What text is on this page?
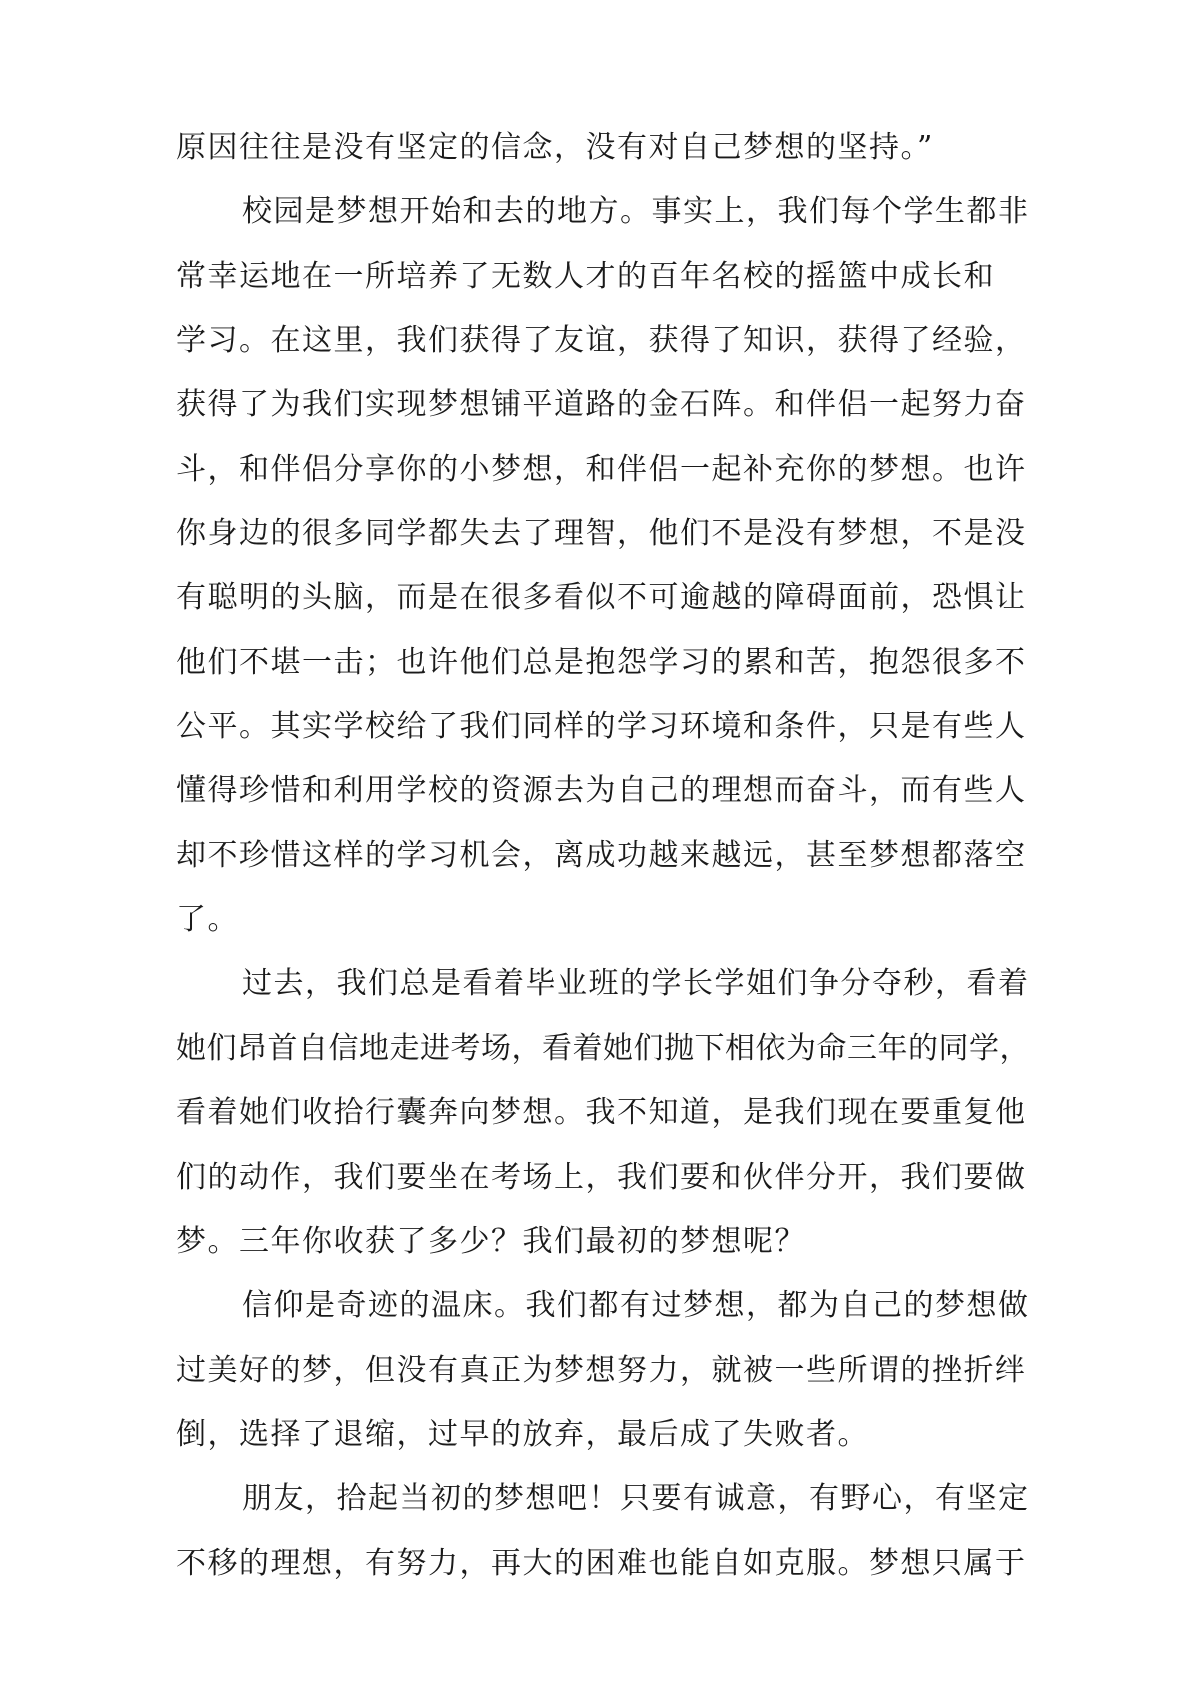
原因往往是没有坚定的信念，没有对自己梦想的坚持。”
校园是梦想开始和去的地方。事实上，我们每个学生都非
常幸运地在一所培养了无数人才的百年名校的摇篮中成长和
学习。在这里，我们获得了友谊，获得了知识，获得了经验，
获得了为我们实现梦想铺平道路的金石阵。和伴侣一起努力奋
斗，和伴侣分享你的小梦想，和伴侣一起补充你的梦想。也许
你身边的很多同学都失去了理智，他们不是没有梦想，不是没
有聪明的头脑，而是在很多看似不可逾越的障碍面前，恐惧让
他们不堪一击；也许他们总是抱怨学习的累和苦，抱怨很多不
公平。其实学校给了我们同样的学习环境和条件，只是有些人
懂得珍惜和利用学校的资源去为自己的理想而奋斗，而有些人
却不珍惜这样的学习机会，离成功越来越远，甚至梦想都落空
了。
过去，我们总是看着毕业班的学长学姐们争分夺秒，看着
她们昂首自信地走进考场，看着她们抛下相依为命三年的同学，
看着她们收拾行囊奔向梦想。我不知道，是我们现在要重复他
们的动作，我们要坐在考场上，我们要和伙伴分开，我们要做
梦。三年你收获了多少？我们最初的梦想呢？
信仰是奇迹的温床。我们都有过梦想，都为自己的梦想做
过美好的梦，但没有真正为梦想努力，就被一些所谓的挫折绊
倒，选择了退缩，过早的放弃，最后成了失败者。
朋友，拾起当初的梦想吧！只要有诚意，有野心，有坚定
不移的理想，有努力，再大的困难也能自如克服。梦想只属于
